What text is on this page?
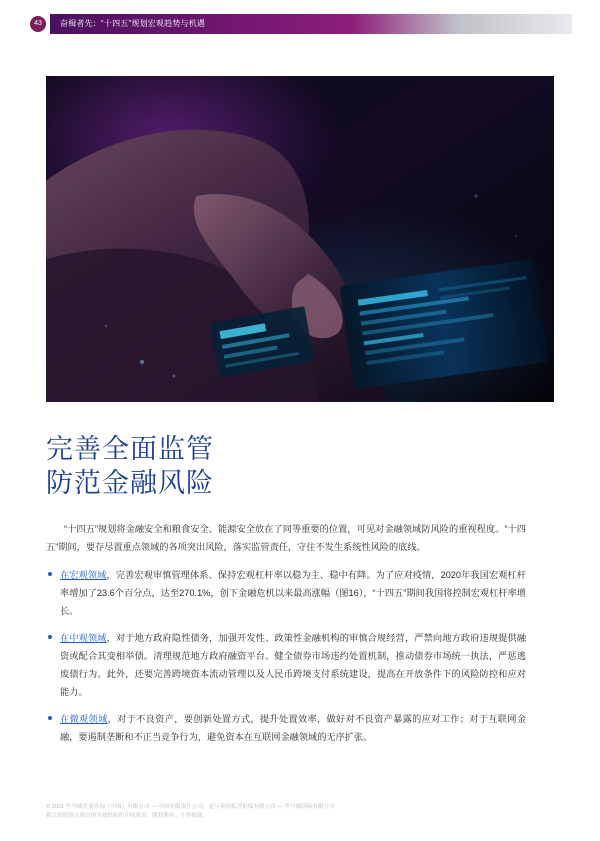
43	奋楫者先：“十四五”规划宏观趋势与机遇
完善全面监管
防范金融风险

“十四五”规划将金融安全和粮食安全、能源安全放在了同等重要的位置，可见对金融领域防风险的重视程度。“十四五”期间，要存尽置重点领域的各项突出风险，落实监管责任，守住不发生系统性风险的底线。

在宏观领域，完善宏观审慎管理体系、保持宏观杠杆率以稳为主、稳中有降。为了应对疫情，2020年我国宏观杠杆率增加了23.6个百分点，达至270.1%，创下金融危机以来最高涨幅（图16），“十四五”期间我国将控制宏观杠杆率增长。
在中观领域，对于地方政府隐性债务，加强开发性、政策性金融机构的审慎合规经营，严禁向地方政府违规提供融资或配合其变相举债。清理规范地方政府融资平台。健全债券市场违约处置机制，推动债券市场统一执法，严惩逃废债行为。此外，还要完善跨境资本流动管理以及人民币跨境支付系统建设，提高在开放条件下的风险防控和应对能力。
在微观领域，对于不良资产，要创新处置方式，提升处置效率，做好对不良资产暴露的应对工作；对于互联网金融，要遏制垄断和不正当竞争行为，避免资本在互联网金融领域的无序扩张。
© 2021 毕马威企业咨询（中国）有限公司 — 中国有限责任公司，是与英国私营担保有限公司 — 毕马威国际有限公司
相关联的独立成员所全球性组织中的成员。版权所有。不得转载。
